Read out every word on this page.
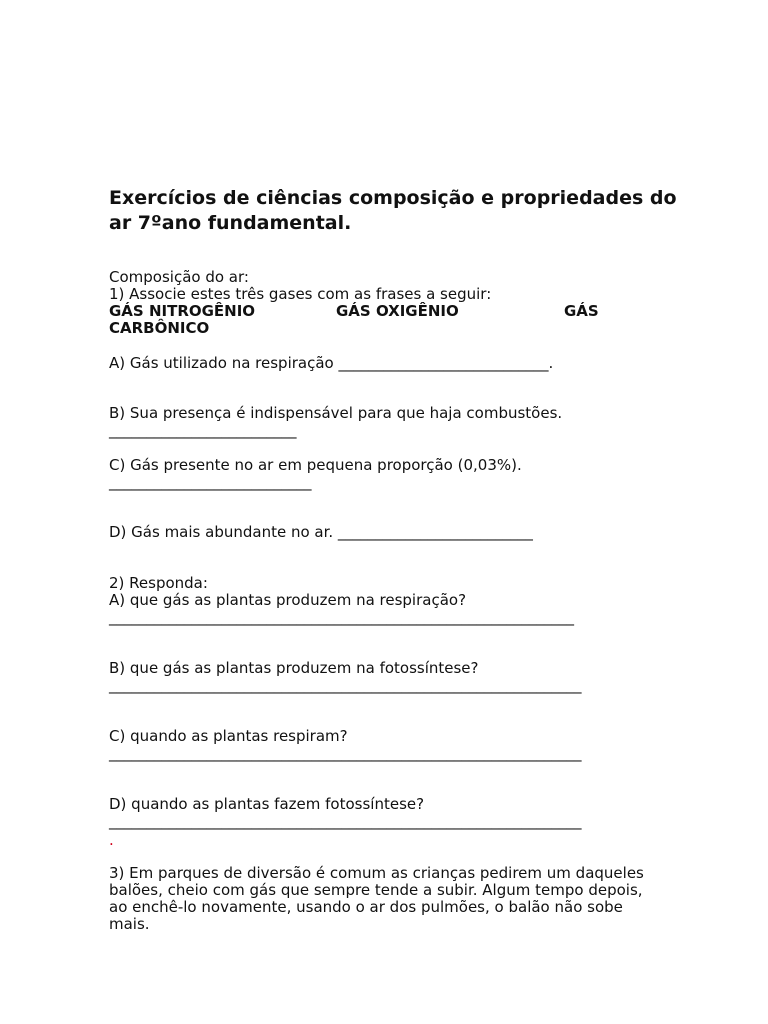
Exercícios de ciências composição e propriedades do
ar 7ºano fundamental.
Composição do ar:
1) Associe estes três gases com as frases a seguir:
GÁS NITROGÊNIO	GÁS OXIGÊNIO	GÁS
CARBÔNICO
A) Gás utilizado na respiração ____________________________.
B) Sua presença é indispensável para que haja combustões.
_________________________
C) Gás presente no ar em pequena proporção (0,03%).
___________________________
D) Gás mais abundante no ar. __________________________
2) Responda:
A) que gás as plantas produzem na respiração?
______________________________________________________________
B) que gás as plantas produzem na fotossíntese?
_______________________________________________________________
C) quando as plantas respiram?
_______________________________________________________________
D) quando as plantas fazem fotossíntese?
_______________________________________________________________
.
3) Em parques de diversão é comum as crianças pedirem um daqueles
balões, cheio com gás que sempre tende a subir. Algum tempo depois,
ao enchê-lo novamente, usando o ar dos pulmões, o balão não sobe
mais.
